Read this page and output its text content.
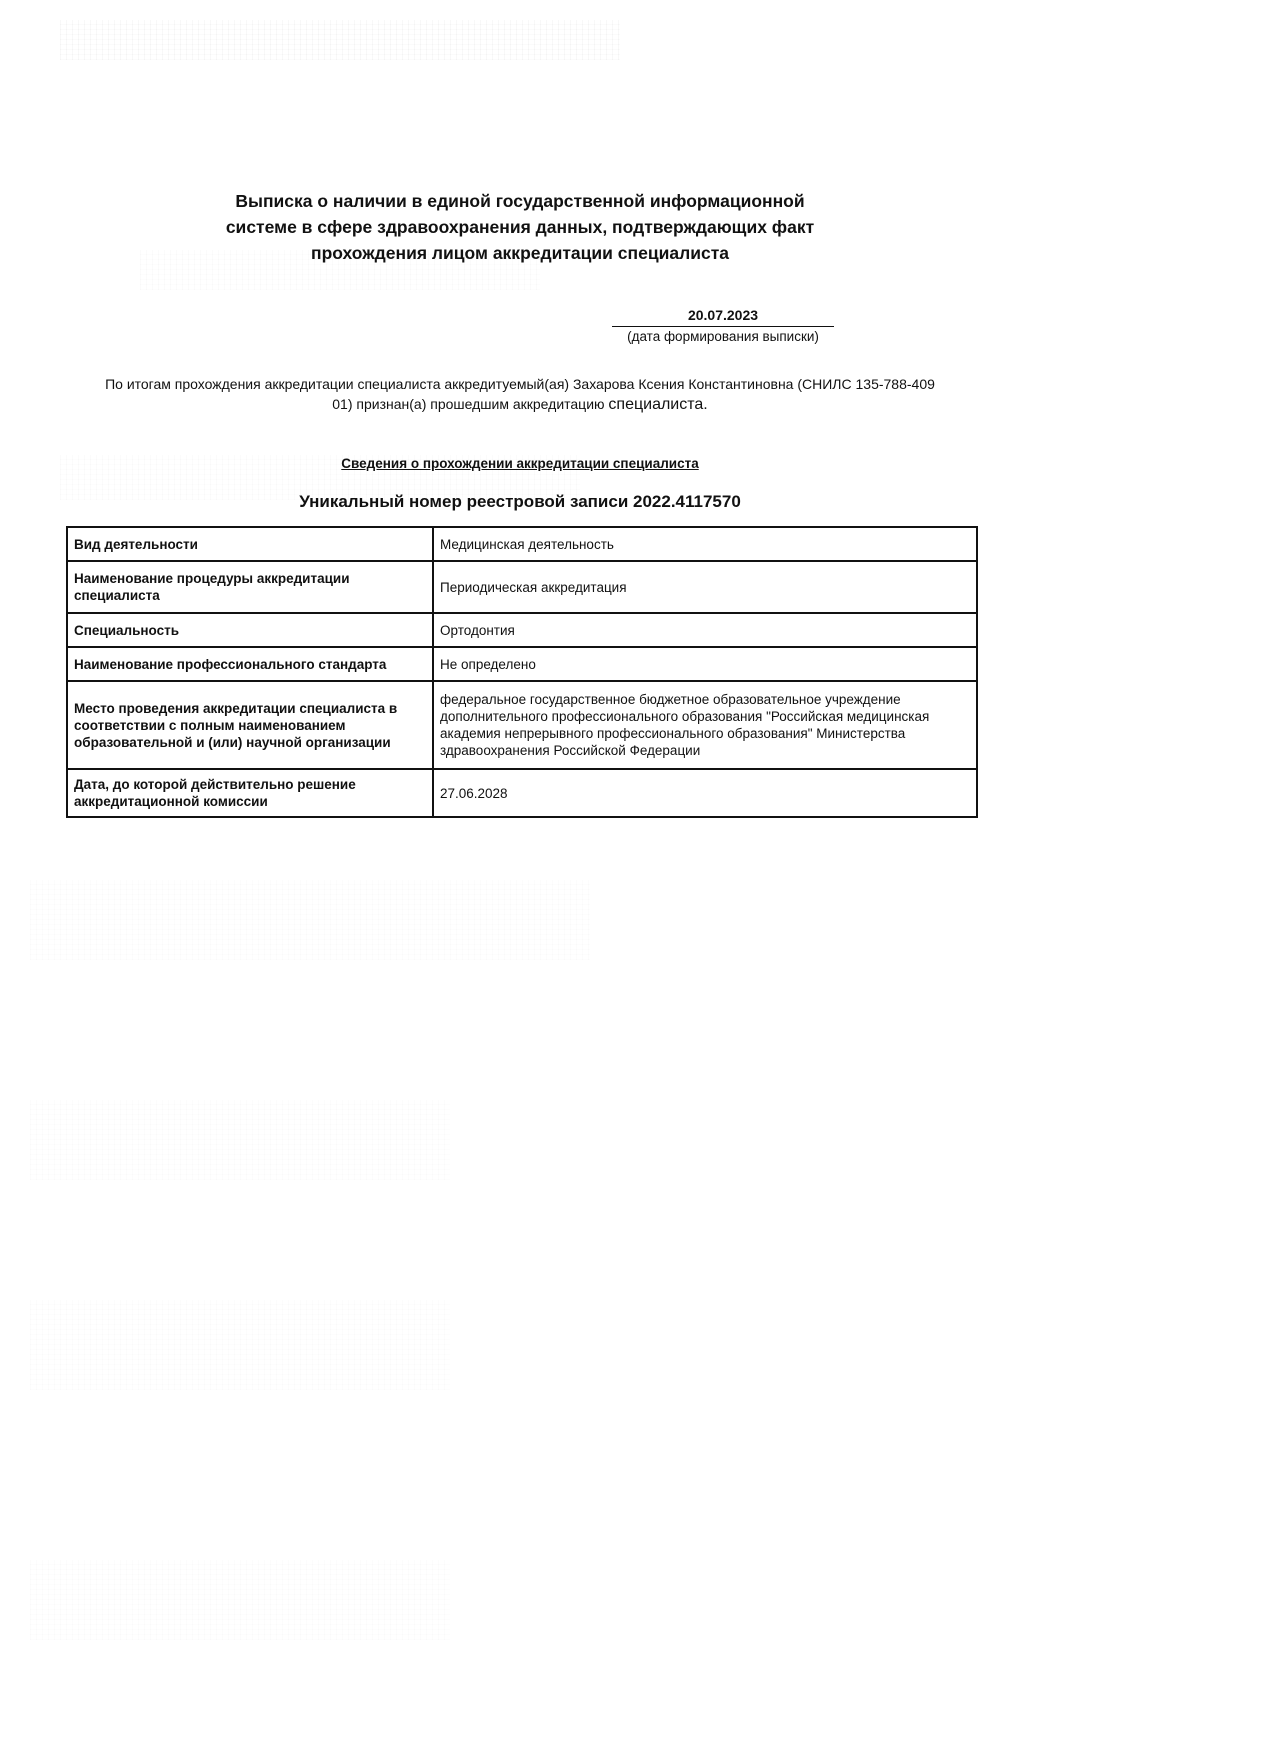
Выписка о наличии в единой государственной информационной
системе в сфере здравоохранения данных, подтверждающих факт
прохождения лицом аккредитации специалиста
20.07.2023
(дата формирования выписки)
По итогам прохождения аккредитации специалиста аккредитуемый(ая) Захарова Ксения Константиновна (СНИЛС 135-788-409
01) признан(а) прошедшим аккредитацию специалиста.
Сведения о прохождении аккредитации специалиста
Уникальный номер реестровой записи 2022.4117570
Вид деятельности	Медицинская деятельность
Наименование процедуры аккредитации специалиста	Периодическая аккредитация
Специальность	Ортодонтия
Наименование профессионального стандарта	Не определено
Место проведения аккредитации специалиста в соответствии с полным наименованием образовательной и (или) научной организации	федеральное государственное бюджетное образовательное учреждение дополнительного профессионального образования "Российская медицинская академия непрерывного профессионального образования" Министерства здравоохранения Российской Федерации
Дата, до которой действительно решение аккредитационной комиссии	27.06.2028
